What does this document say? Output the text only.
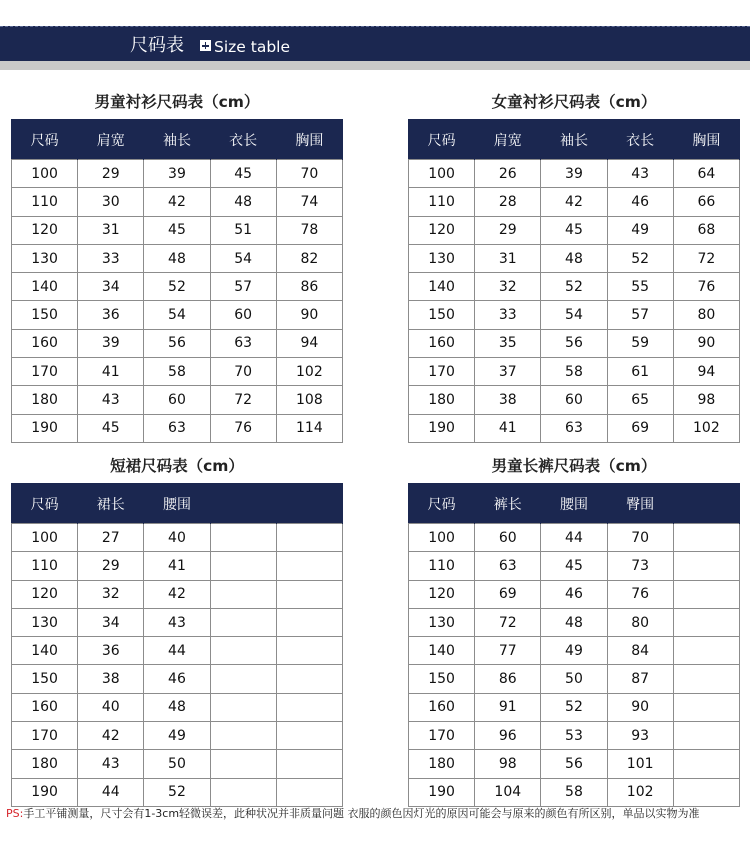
尺码表 Size table
男童衬衫尺码表（cm）
尺码	肩宽	袖长	衣长	胸围
100	29	39	45	70
110	30	42	48	74
120	31	45	51	78
130	33	48	54	82
140	34	52	57	86
150	36	54	60	90
160	39	56	63	94
170	41	58	70	102
180	43	60	72	108
190	45	63	76	114
女童衬衫尺码表（cm）
尺码	肩宽	袖长	衣长	胸围
100	26	39	43	64
110	28	42	46	66
120	29	45	49	68
130	31	48	52	72
140	32	52	55	76
150	33	54	57	80
160	35	56	59	90
170	37	58	61	94
180	38	60	65	98
190	41	63	69	102
短裙尺码表（cm）
尺码	裙长	腰围		
100	27	40		
110	29	41		
120	32	42		
130	34	43		
140	36	44		
150	38	46		
160	40	48		
170	42	49		
180	43	50		
190	44	52		
男童长裤尺码表（cm）
尺码	裤长	腰围	臀围	
100	60	44	70	
110	63	45	73	
120	69	46	76	
130	72	48	80	
140	77	49	84	
150	86	50	87	
160	91	52	90	
170	96	53	93	
180	98	56	101	
190	104	58	102	
PS:手工平铺测量，尺寸会有1-3cm轻微误差，此种状况并非质量问题 衣服的颜色因灯光的原因可能会与原来的颜色有所区别，单品以实物为准
